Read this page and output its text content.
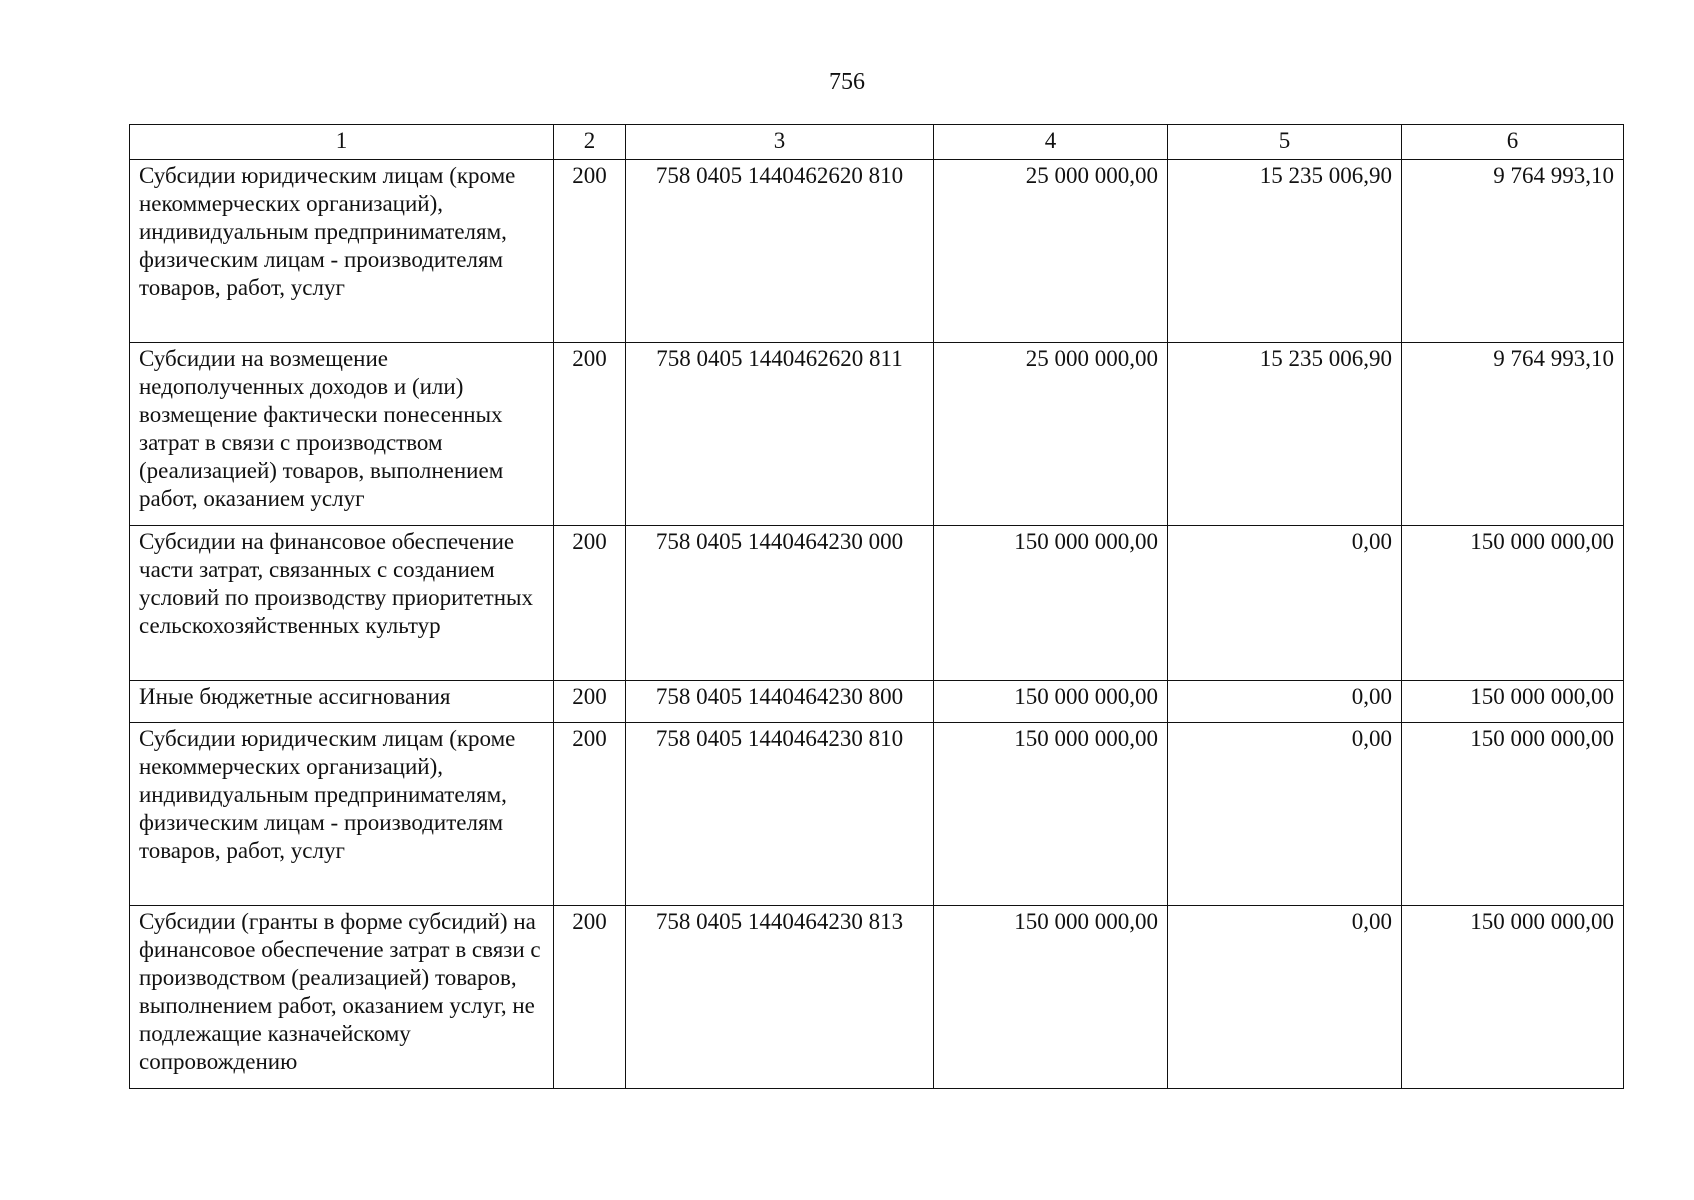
756
1	2	3	4	5	6
Субсидии юридическим лицам (кроме некоммерческих организаций), индивидуальным предпринимателям, физическим лицам - производителям товаров, работ, услуг	200	758 0405 1440462620 810	25 000 000,00	15 235 006,90	9 764 993,10
Субсидии на возмещение недополученных доходов и (или) возмещение фактически понесенных затрат в связи с производством (реализацией) товаров, выполнением работ, оказанием услуг	200	758 0405 1440462620 811	25 000 000,00	15 235 006,90	9 764 993,10
Субсидии на финансовое обеспечение части затрат, связанных с созданием условий по производству приоритетных сельскохозяйственных культур	200	758 0405 1440464230 000	150 000 000,00	0,00	150 000 000,00
Иные бюджетные ассигнования	200	758 0405 1440464230 800	150 000 000,00	0,00	150 000 000,00
Субсидии юридическим лицам (кроме некоммерческих организаций), индивидуальным предпринимателям, физическим лицам - производителям товаров, работ, услуг	200	758 0405 1440464230 810	150 000 000,00	0,00	150 000 000,00
Субсидии (гранты в форме субсидий) на финансовое обеспечение затрат в связи с производством (реализацией) товаров, выполнением работ, оказанием услуг, не подлежащие казначейскому сопровождению	200	758 0405 1440464230 813	150 000 000,00	0,00	150 000 000,00
